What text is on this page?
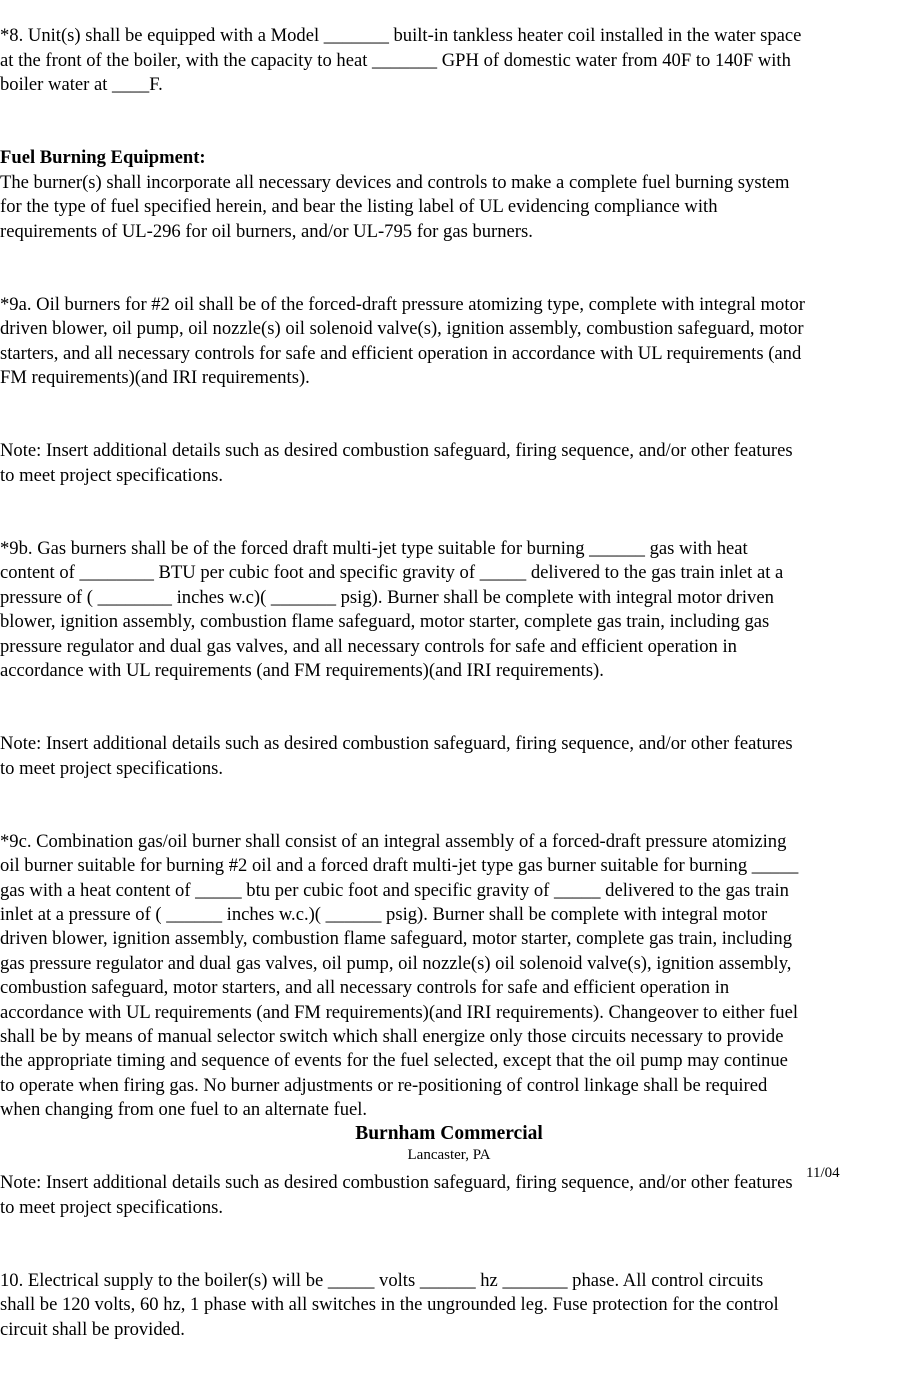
*8. Unit(s) shall be equipped with a Model _______ built-in tankless heater coil installed in the water space
at the front of the boiler, with the capacity to heat _______ GPH of domestic water from 40F to 140F with
boiler water at ____F.

Fuel Burning Equipment:
The burner(s) shall incorporate all necessary devices and controls to make a complete fuel burning system
for the type of fuel specified herein, and bear the listing label of UL evidencing compliance with
requirements of UL-296 for oil burners, and/or UL-795 for gas burners.

*9a. Oil burners for #2 oil shall be of the forced-draft pressure atomizing type, complete with integral motor
driven blower, oil pump, oil nozzle(s) oil solenoid valve(s), ignition assembly, combustion safeguard, motor
starters, and all necessary controls for safe and efficient operation in accordance with UL requirements (and
FM requirements)(and IRI requirements).

Note: Insert additional details such as desired combustion safeguard, firing sequence, and/or other features
to meet project specifications.

*9b. Gas burners shall be of the forced draft multi-jet type suitable for burning ______ gas with heat
content of ________ BTU per cubic foot and specific gravity of _____ delivered to the gas train inlet at a
pressure of ( ________ inches w.c)( _______ psig). Burner shall be complete with integral motor driven
blower, ignition assembly, combustion flame safeguard, motor starter, complete gas train, including gas
pressure regulator and dual gas valves, and all necessary controls for safe and efficient operation in
accordance with UL requirements (and FM requirements)(and IRI requirements).

Note: Insert additional details such as desired combustion safeguard, firing sequence, and/or other features
to meet project specifications.

*9c. Combination gas/oil burner shall consist of an integral assembly of a forced-draft pressure atomizing
oil burner suitable for burning #2 oil and a forced draft multi-jet type gas burner suitable for burning _____
gas with a heat content of _____ btu per cubic foot and specific gravity of _____ delivered to the gas train
inlet at a pressure of ( ______ inches w.c.)( ______ psig). Burner shall be complete with integral motor
driven blower, ignition assembly, combustion flame safeguard, motor starter, complete gas train, including
gas pressure regulator and dual gas valves, oil pump, oil nozzle(s) oil solenoid valve(s), ignition assembly,
combustion safeguard, motor starters, and all necessary controls for safe and efficient operation in
accordance with UL requirements (and FM requirements)(and IRI requirements). Changeover to either fuel
shall be by means of manual selector switch which shall energize only those circuits necessary to provide
the appropriate timing and sequence of events for the fuel selected, except that the oil pump may continue
to operate when firing gas. No burner adjustments or re-positioning of control linkage shall be required
when changing from one fuel to an alternate fuel.

Note: Insert additional details such as desired combustion safeguard, firing sequence, and/or other features
to meet project specifications.

10. Electrical supply to the boiler(s) will be _____ volts ______ hz _______ phase. All control circuits
shall be 120 volts, 60 hz, 1 phase with all switches in the ungrounded leg. Fuse protection for the control
circuit shall be provided.

Burnham Commercial
Lancaster, PA
11/04
